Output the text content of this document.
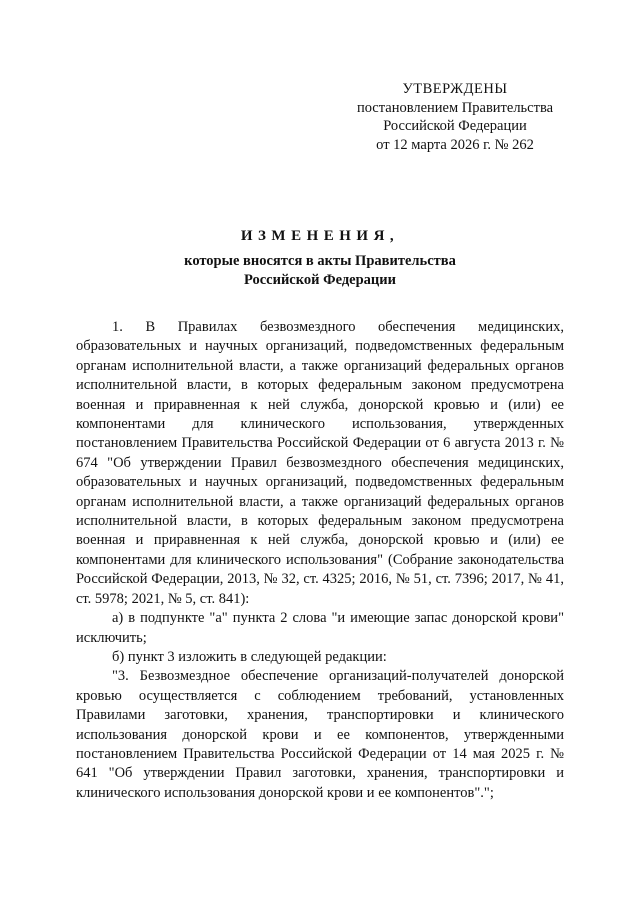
УТВЕРЖДЕНЫ
постановлением Правительства
Российской Федерации
от 12 марта 2026 г. № 262
ИЗМЕНЕНИЯ,
которые вносятся в акты Правительства
Российской Федерации

1. В Правилах безвозмездного обеспечения медицинских, образовательных и научных организаций, подведомственных федеральным органам исполнительной власти, а также организаций федеральных органов исполнительной власти, в которых федеральным законом предусмотрена военная и приравненная к ней служба, донорской кровью и (или) ее компонентами для клинического использования, утвержденных постановлением Правительства Российской Федерации от 6 августа 2013 г. № 674 "Об утверждении Правил безвозмездного обеспечения медицинских, образовательных и научных организаций, подведомственных федеральным органам исполнительной власти, а также организаций федеральных органов исполнительной власти, в которых федеральным законом предусмотрена военная и приравненная к ней служба, донорской кровью и (или) ее компонентами для клинического использования" (Собрание законодательства Российской Федерации, 2013, № 32, ст. 4325; 2016, № 51, ст. 7396; 2017, № 41, ст. 5978; 2021, № 5, ст. 841):

а) в подпункте "а" пункта 2 слова "и имеющие запас донорской крови" исключить;

б) пункт 3 изложить в следующей редакции:

"3. Безвозмездное обеспечение организаций-получателей донорской кровью осуществляется с соблюдением требований, установленных Правилами заготовки, хранения, транспортировки и клинического использования донорской крови и ее компонентов, утвержденными постановлением Правительства Российской Федерации от 14 мая 2025 г. № 641 "Об утверждении Правил заготовки, хранения, транспортировки и клинического использования донорской крови и ее компонентов".";
